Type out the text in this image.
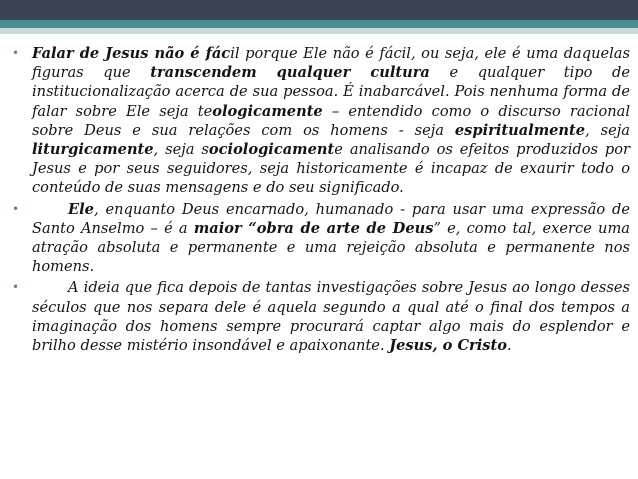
• Falar de Jesus não é fácil porque Ele não é fácil, ou seja, ele é uma daquelas figuras que transcendem qualquer cultura e qualquer tipo de institucionalização acerca de sua pessoa. É inabarcável. Pois nenhuma forma de falar sobre Ele seja teologicamente – entendido como o discurso racional sobre Deus e sua relações com os homens - seja espiritualmente, seja liturgicamente, seja sociologicamente analisando os efeitos produzidos por Jesus e por seus seguidores, seja historicamente é incapaz de exaurir todo o conteúdo de suas mensagens e do seu significado.
•	Ele, enquanto Deus encarnado, humanado - para usar uma expressão de Santo Anselmo – é a maior “obra de arte de Deus” e, como tal, exerce uma atração absoluta e permanente e uma rejeição absoluta e permanente nos homens.
•	A ideia que fica depois de tantas investigações sobre Jesus ao longo desses séculos que nos separa dele é aquela segundo a qual até o final dos tempos a imaginação dos homens sempre procurará captar algo mais do esplendor e brilho desse mistério insondável e apaixonante. Jesus, o Cristo.
